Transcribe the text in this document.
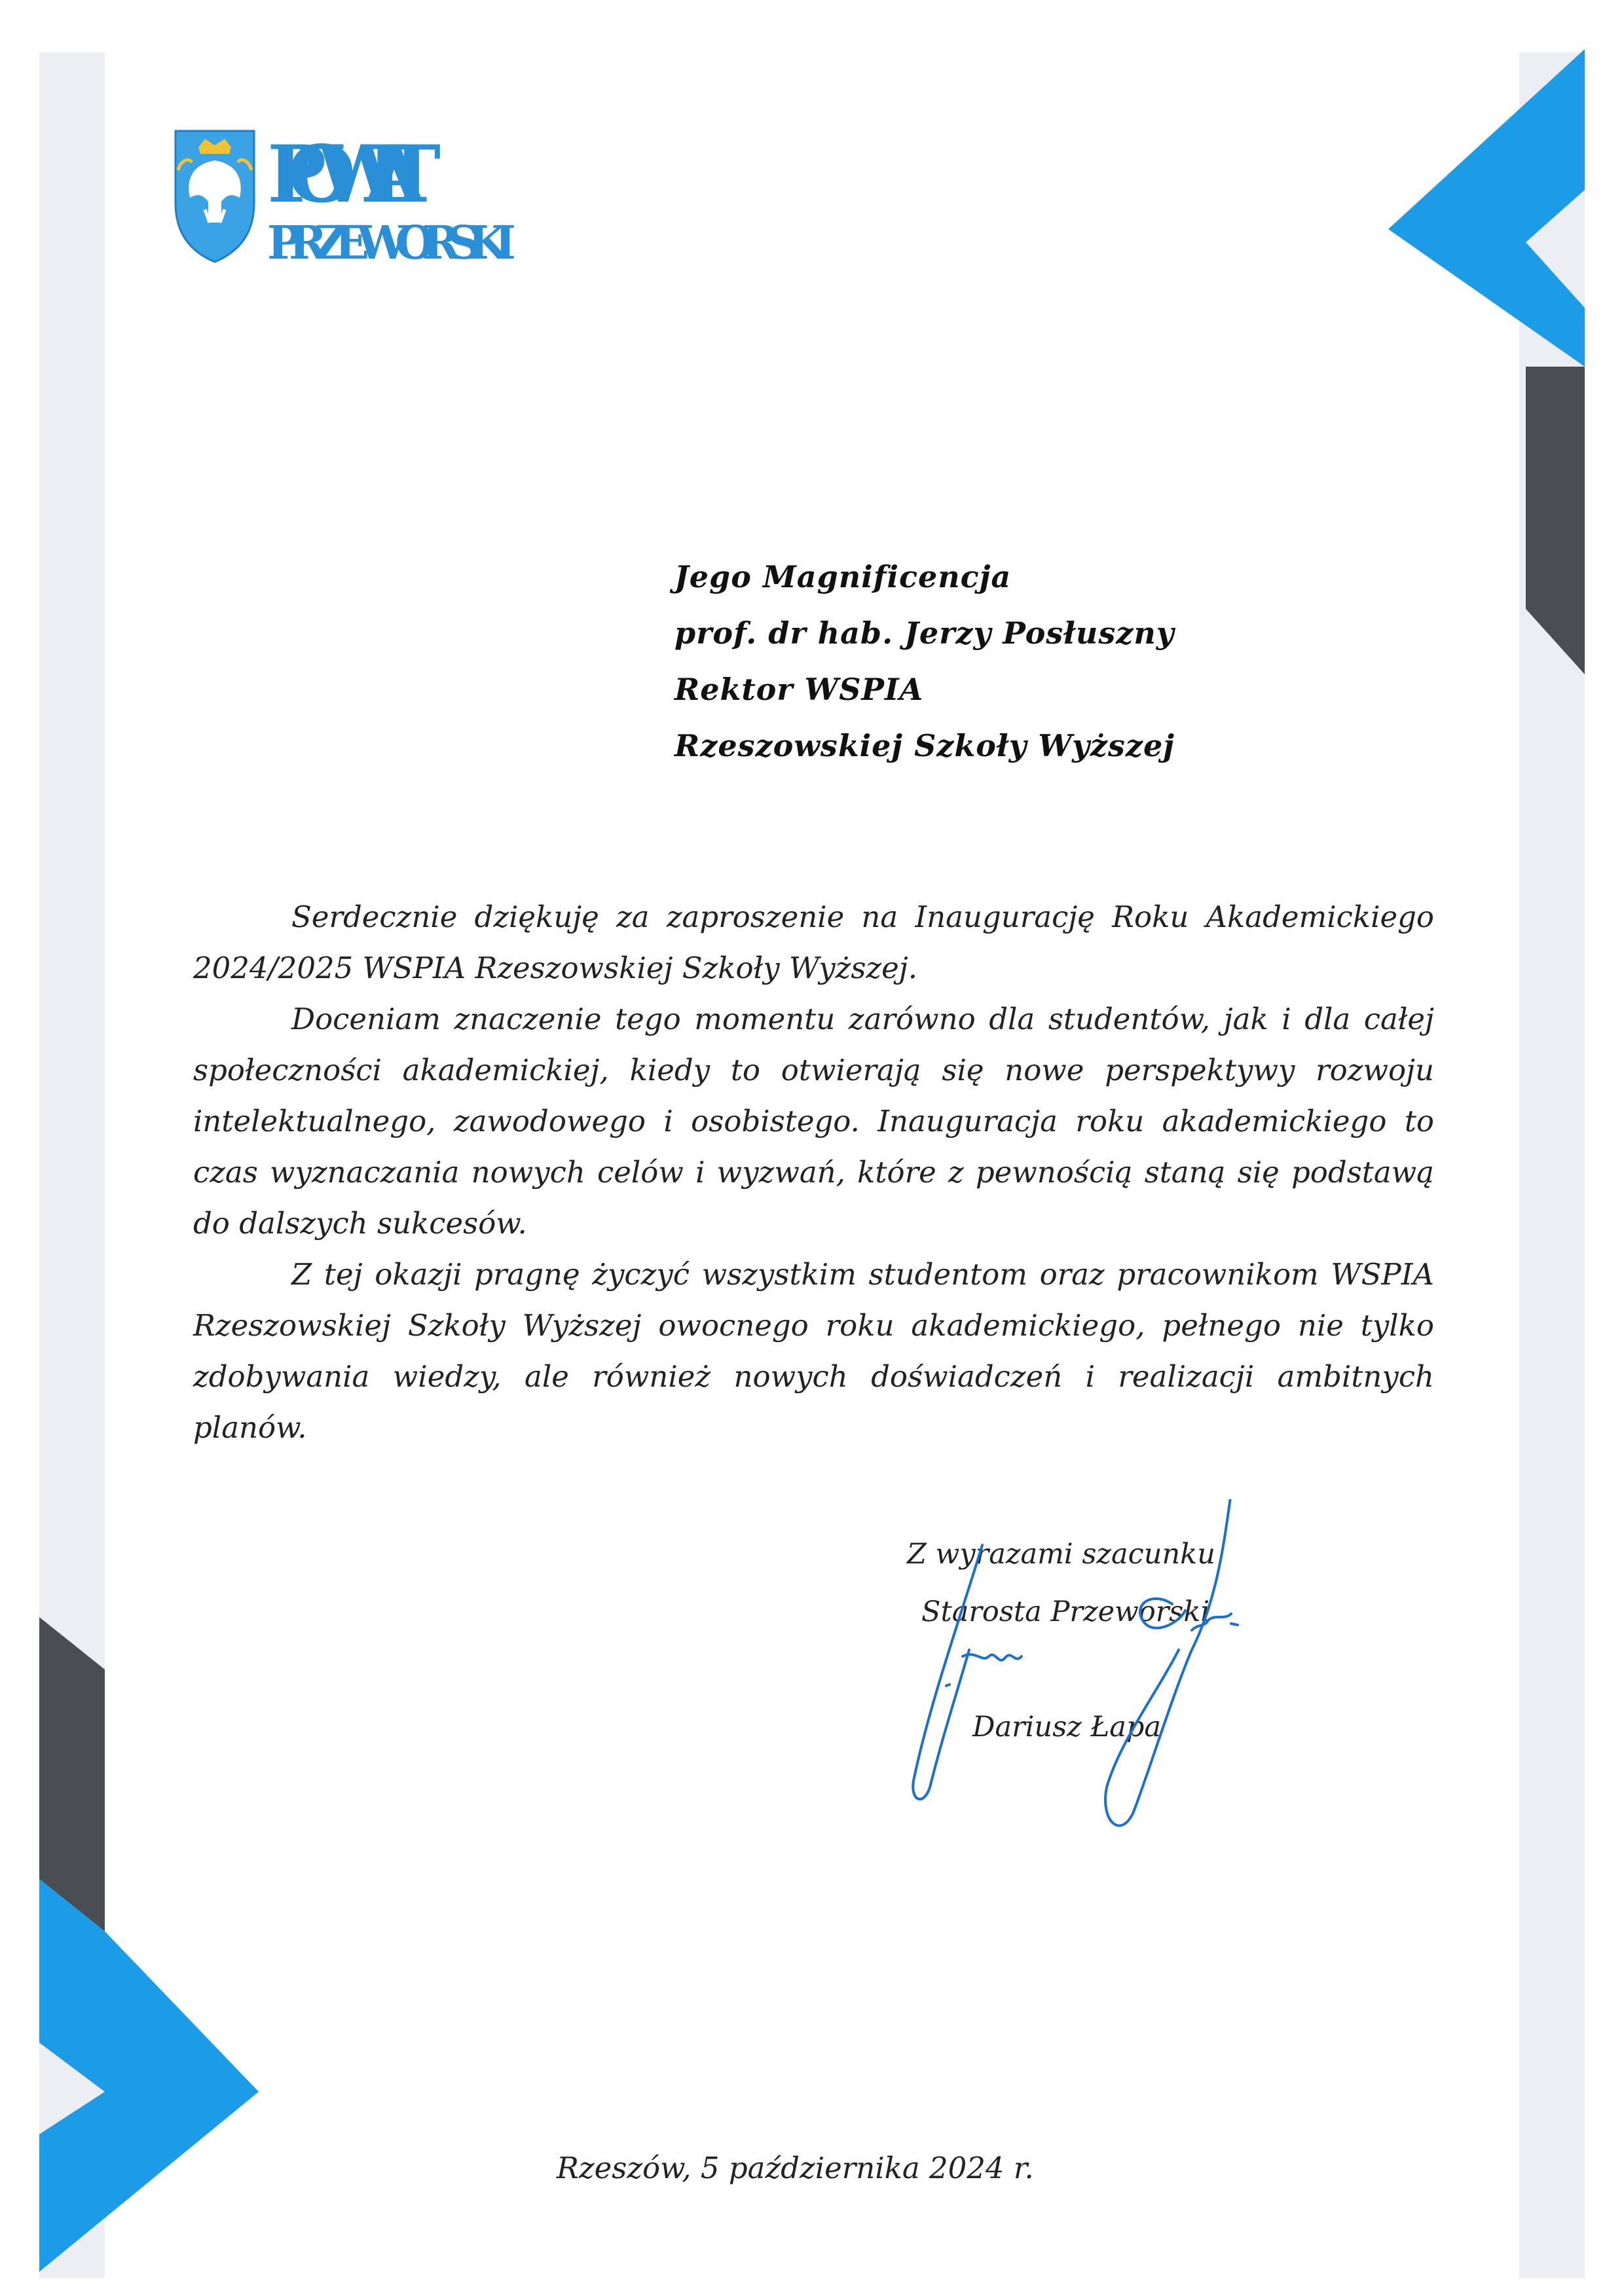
POWIAT
PRZEWORSKI
Jego Magnificencja
prof. dr hab. Jerzy Posłuszny
Rektor WSPIA
Rzeszowskiej Szkoły Wyższej

Serdecznie dziękuję za zaproszenie na Inaugurację Roku Akademickiego 2024/2025 WSPIA Rzeszowskiej Szkoły Wyższej.

Doceniam znaczenie tego momentu zarówno dla studentów, jak i dla całej społeczności akademickiej, kiedy to otwierają się nowe perspektywy rozwoju intelektualnego, zawodowego i osobistego. Inauguracja roku akademickiego to czas wyznaczania nowych celów i wyzwań, które z pewnością staną się podstawą do dalszych sukcesów.

Z tej okazji pragnę życzyć wszystkim studentom oraz pracownikom WSPIA Rzeszowskiej Szkoły Wyższej owocnego roku akademickiego, pełnego nie tylko zdobywania wiedzy, ale również nowych doświadczeń i realizacji ambitnych planów.

Z wyrazami szacunku
Starosta Przeworski
Dariusz Łapa
Rzeszów, 5 października 2024 r.
